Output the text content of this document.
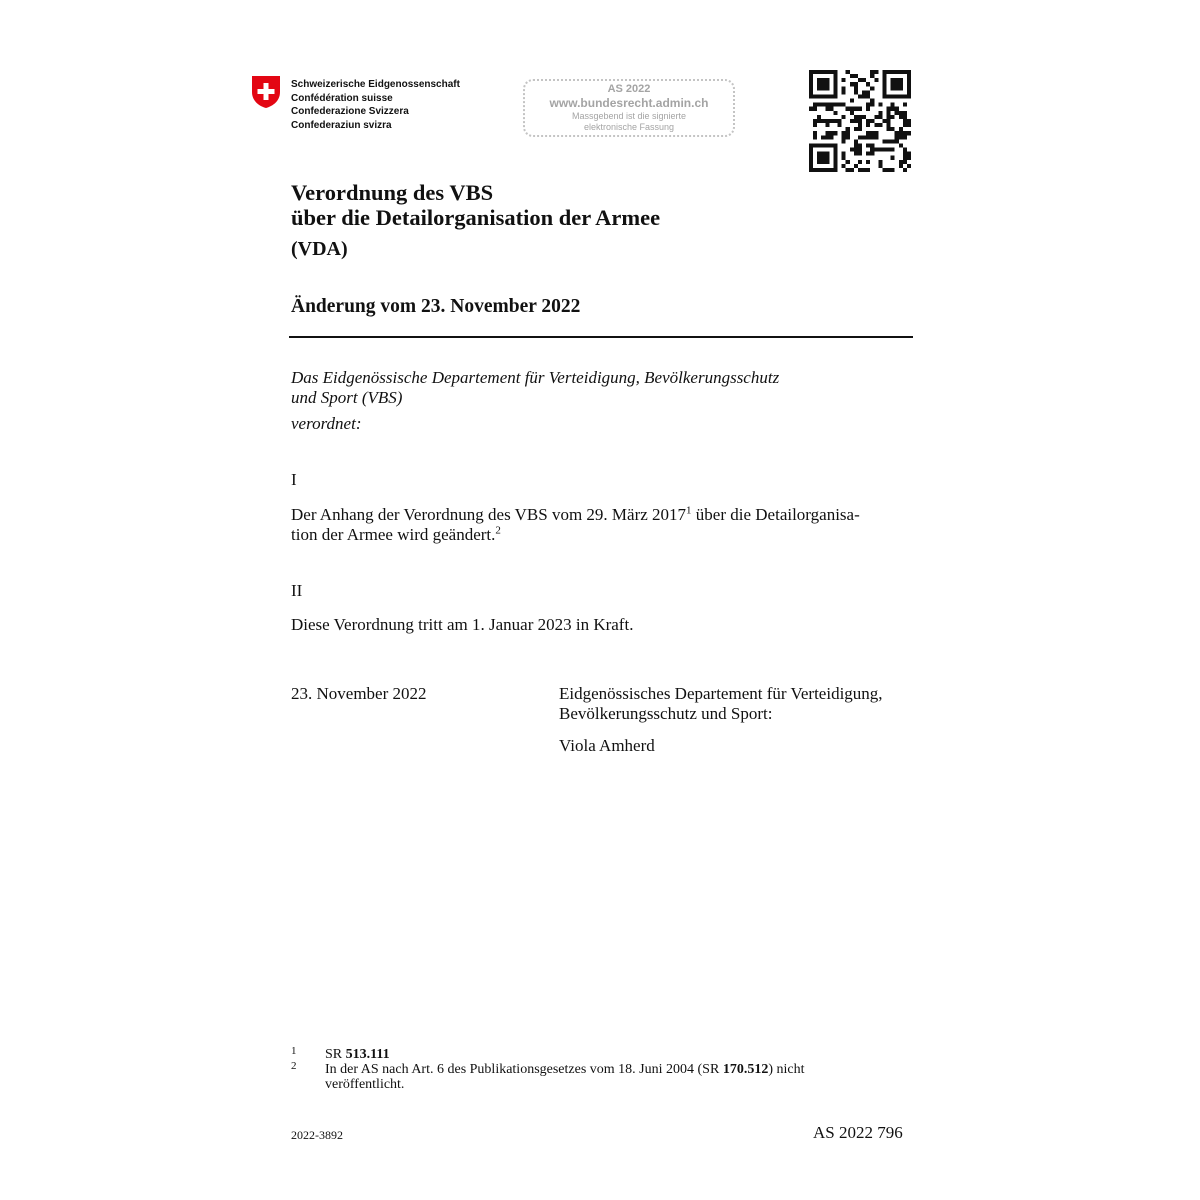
Schweizerische Eidgenossenschaft
Confédération suisse
Confederazione Svizzera
Confederaziun svizra
AS 2022
www.bundesrecht.admin.ch
Massgebend ist die signierte
elektronische Fassung
Verordnung des VBS
über die Detailorganisation der Armee
(VDA)
Änderung vom 23. November 2022
Das Eidgenössische Departement für Verteidigung, Bevölkerungsschutz
und Sport (VBS)
verordnet:
I
Der Anhang der Verordnung des VBS vom 29. März 2017$^1$ über die Detailorganisa-
tion der Armee wird geändert.$^2$
II
Diese Verordnung tritt am 1. Januar 2023 in Kraft.
23. November 2022	Eidgenössisches Departement für Verteidigung,
Bevölkerungsschutz und Sport:
Viola Amherd
1 SR 513.111
2 In der AS nach Art. 6 des Publikationsgesetzes vom 18. Juni 2004 (SR 170.512) nicht
veröffentlicht.
2022-3892	AS 2022 796
